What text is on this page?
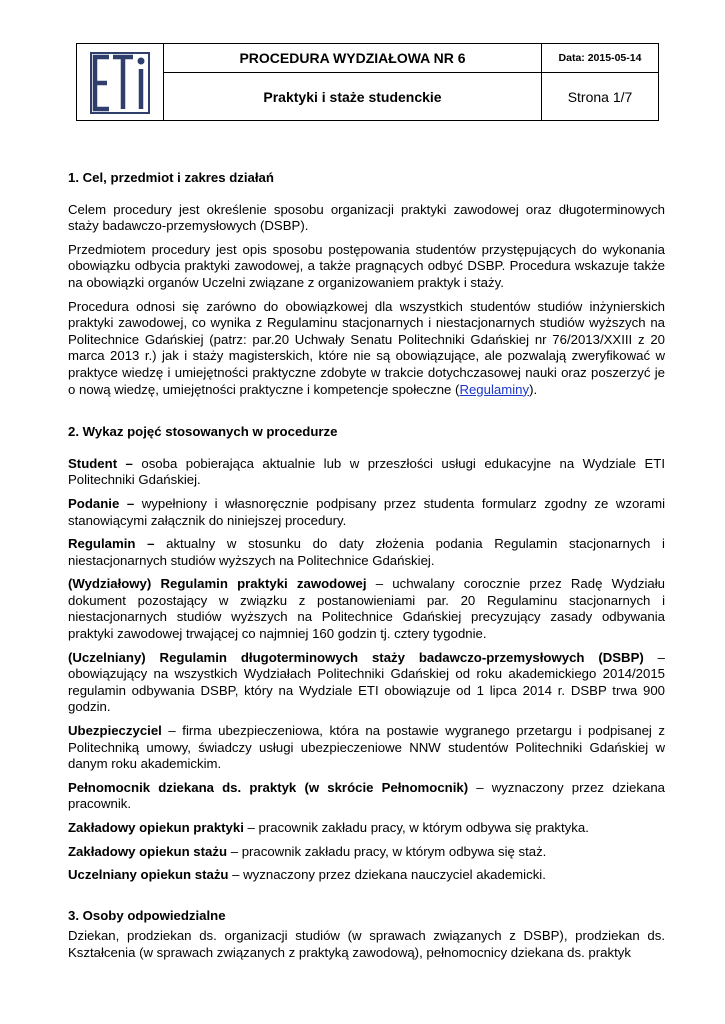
PROCEDURA WYDZIAŁOWA NR 6	Data: 2015-05-14
Praktyki i staże studenckie	Strona 1/7
1. Cel, przedmiot i zakres działań

Celem procedury jest określenie sposobu organizacji praktyki zawodowej oraz długoterminowych staży badawczo-przemysłowych (DSBP).

Przedmiotem procedury jest opis sposobu postępowania studentów przystępujących do wykonania obowiązku odbycia praktyki zawodowej, a także pragnących odbyć DSBP. Procedura wskazuje także na obowiązki organów Uczelni związane z organizowaniem praktyk i staży.

Procedura odnosi się zarówno do obowiązkowej dla wszystkich studentów studiów inżynierskich praktyki zawodowej, co wynika z Regulaminu stacjonarnych i niestacjonarnych studiów wyższych na Politechnice Gdańskiej (patrz: par.20 Uchwały Senatu Politechniki Gdańskiej nr 76/2013/XXIII z 20 marca 2013 r.) jak i staży magisterskich, które nie są obowiązujące, ale pozwalają zweryfikować w praktyce wiedzę i umiejętności praktyczne zdobyte w trakcie dotychczasowej nauki oraz poszerzyć je o nową wiedzę, umiejętności praktyczne i kompetencje społeczne (Regulaminy).

2. Wykaz pojęć stosowanych w procedurze

Student – osoba pobierająca aktualnie lub w przeszłości usługi edukacyjne na Wydziale ETI Politechniki Gdańskiej.

Podanie – wypełniony i własnoręcznie podpisany przez studenta formularz zgodny ze wzorami stanowiącymi załącznik do niniejszej procedury.

Regulamin – aktualny w stosunku do daty złożenia podania Regulamin stacjonarnych i niestacjonarnych studiów wyższych na Politechnice Gdańskiej.

(Wydziałowy) Regulamin praktyki zawodowej – uchwalany corocznie przez Radę Wydziału dokument pozostający w związku z postanowieniami par. 20 Regulaminu stacjonarnych i niestacjonarnych studiów wyższych na Politechnice Gdańskiej precyzujący zasady odbywania praktyki zawodowej trwającej co najmniej 160 godzin tj. cztery tygodnie.

(Uczelniany) Regulamin długoterminowych staży badawczo-przemysłowych (DSBP) – obowiązujący na wszystkich Wydziałach Politechniki Gdańskiej od roku akademickiego 2014/2015 regulamin odbywania DSBP, który na Wydziale ETI obowiązuje od 1 lipca 2014 r. DSBP trwa 900 godzin.

Ubezpieczyciel – firma ubezpieczeniowa, która na postawie wygranego przetargu i podpisanej z Politechniką umowy, świadczy usługi ubezpieczeniowe NNW studentów Politechniki Gdańskiej w danym roku akademickim.

Pełnomocnik dziekana ds. praktyk (w skrócie Pełnomocnik) – wyznaczony przez dziekana pracownik.

Zakładowy opiekun praktyki – pracownik zakładu pracy, w którym odbywa się praktyka.

Zakładowy opiekun stażu – pracownik zakładu pracy, w którym odbywa się staż.

Uczelniany opiekun stażu – wyznaczony przez dziekana nauczyciel akademicki.

3. Osoby odpowiedzialne

Dziekan, prodziekan ds. organizacji studiów (w sprawach związanych z DSBP), prodziekan ds. Kształcenia (w sprawach związanych z praktyką zawodową), pełnomocnicy dziekana ds. praktyk
